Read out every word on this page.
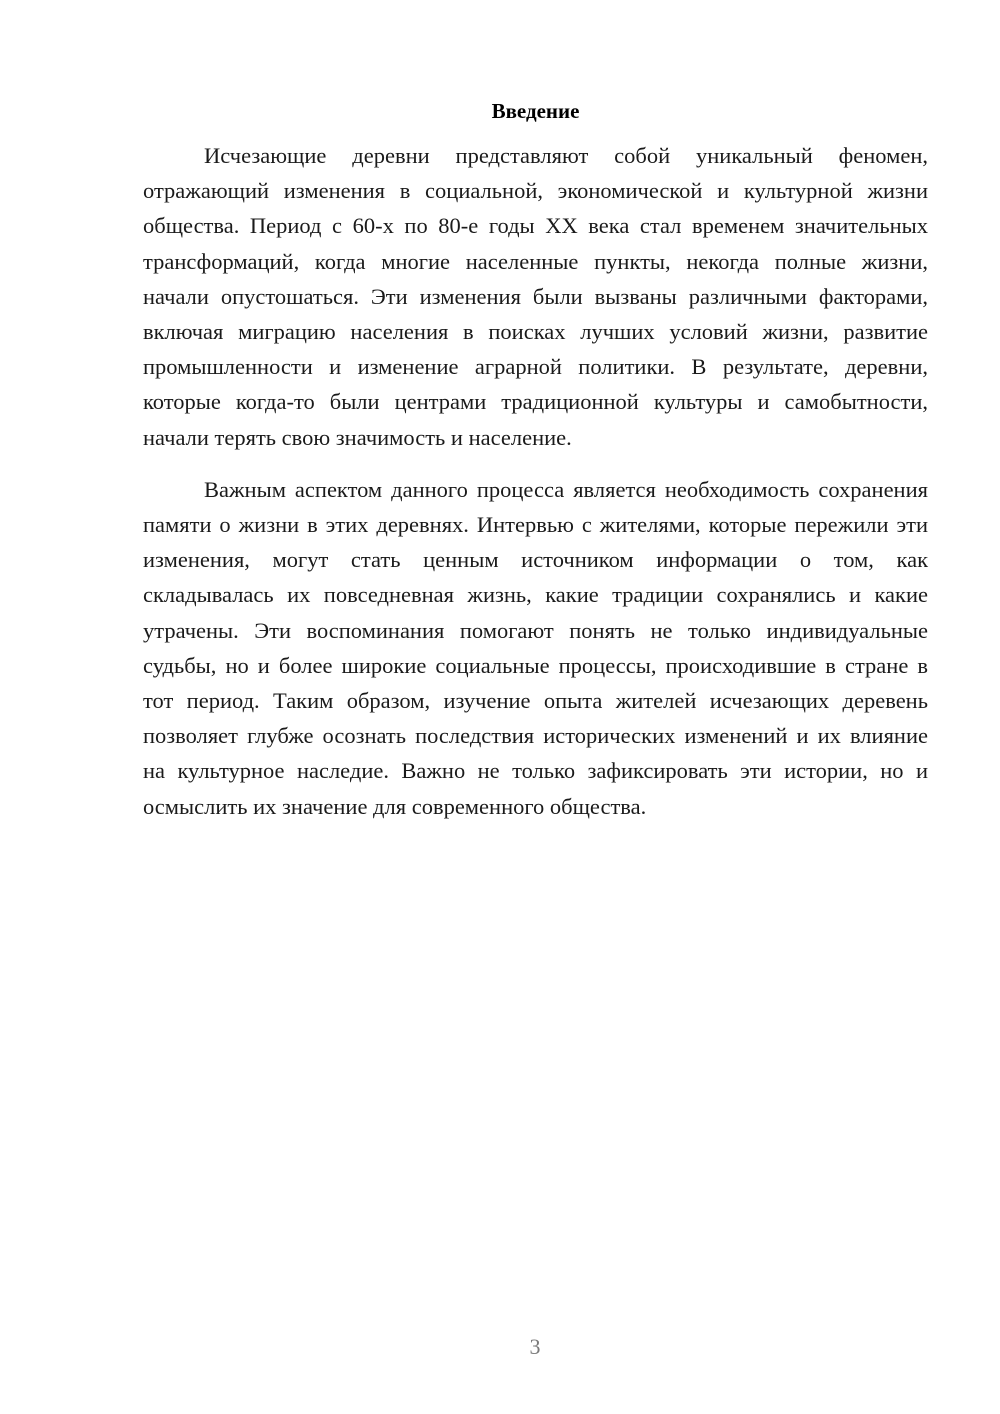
Введение

Исчезающие деревни представляют собой уникальный феномен, отражающий изменения в социальной, экономической и культурной жизни общества. Период с 60-х по 80-е годы XX века стал временем значительных трансформаций, когда многие населенные пункты, некогда полные жизни, начали опустошаться. Эти изменения были вызваны различными факторами, включая миграцию населения в поисках лучших условий жизни, развитие промышленности и изменение аграрной политики. В результате, деревни, которые когда-то были центрами традиционной культуры и самобытности, начали терять свою значимость и население.

Важным аспектом данного процесса является необходимость сохранения памяти о жизни в этих деревнях. Интервью с жителями, которые пережили эти изменения, могут стать ценным источником информации о том, как складывалась их повседневная жизнь, какие традиции сохранялись и какие утрачены. Эти воспоминания помогают понять не только индивидуальные судьбы, но и более широкие социальные процессы, происходившие в стране в тот период. Таким образом, изучение опыта жителей исчезающих деревень позволяет глубже осознать последствия исторических изменений и их влияние на культурное наследие. Важно не только зафиксировать эти истории, но и осмыслить их значение для современного общества.

3
